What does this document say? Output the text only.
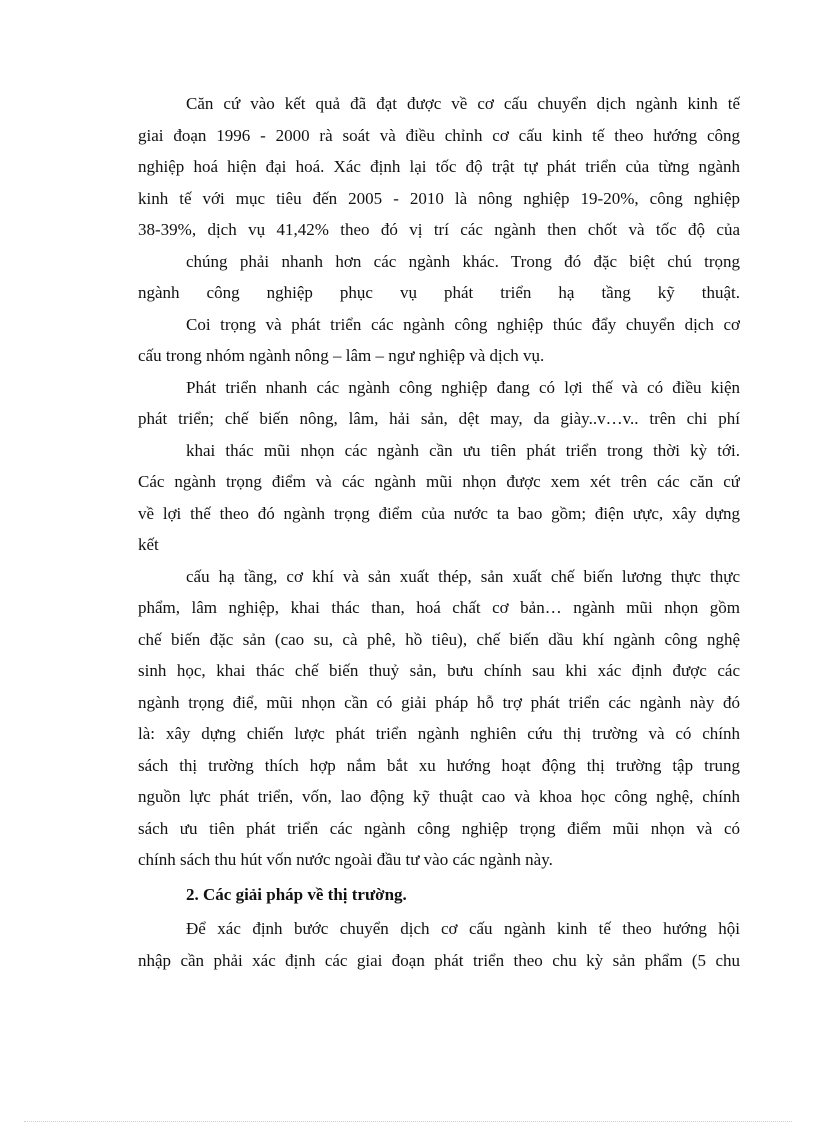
Căn cứ vào kết quả đã đạt được về cơ cấu chuyển dịch ngành kinh tế
giai đoạn 1996 - 2000 rà soát và điều chỉnh cơ cấu kinh tế theo hướng công
nghiệp hoá hiện đại hoá. Xác định lại tốc độ trật tự phát triển của từng ngành
kinh tế với mục tiêu đến 2005 - 2010 là nông nghiệp 19-20%, công nghiệp
38-39%, dịch vụ 41,42% theo đó vị trí các ngành then chốt và tốc độ của
chúng phải nhanh hơn các ngành khác. Trong đó đặc biệt chú trọng
ngành công nghiệp phục vụ phát triển hạ tầng kỹ thuật.
Coi trọng và phát triển các ngành công nghiệp thúc đẩy chuyển dịch cơ
cấu trong nhóm ngành nông – lâm – ngư nghiệp và dịch vụ.
Phát triển nhanh các ngành công nghiệp đang có lợi thế và có điều kiện
phát triển; chế biến nông, lâm, hải sản, dệt may, da giày..v…v.. trên chi phí
khai thác mũi nhọn các ngành cần ưu tiên phát triển trong thời kỳ tới.
Các ngành trọng điểm và các ngành mũi nhọn được xem xét trên các căn cứ
về lợi thế theo đó ngành trọng điểm của nước ta bao gồm; điện ưực, xây dựng
kết
cấu hạ tầng, cơ khí và sản xuất thép, sản xuất chế biến lương thực thực
phẩm, lâm nghiệp, khai thác than, hoá chất cơ bản… ngành mũi nhọn gồm
chế biến đặc sản (cao su, cà phê, hồ tiêu), chế biến dầu khí ngành công nghệ
sinh học, khai thác chế biến thuỷ sản, bưu chính sau khi xác định được các
ngành trọng điể, mũi nhọn cần có giải pháp hỗ trợ phát triển các ngành này đó
là: xây dựng chiến lược phát triển ngành nghiên cứu thị trường và có chính
sách thị trường thích hợp nắm bắt xu hướng hoạt động thị trường tập trung
nguồn lực phát triển, vốn, lao động kỹ thuật cao và khoa học công nghệ, chính
sách ưu tiên phát triển các ngành công nghiệp trọng điểm mũi nhọn và có
chính sách thu hút vốn nước ngoài đầu tư vào các ngành này.
2. Các giải pháp về thị trường.
Để xác định bước chuyển dịch cơ cấu ngành kinh tế theo hướng hội
nhập cần phải xác định các giai đoạn phát triển theo chu kỳ sản phẩm (5 chu
